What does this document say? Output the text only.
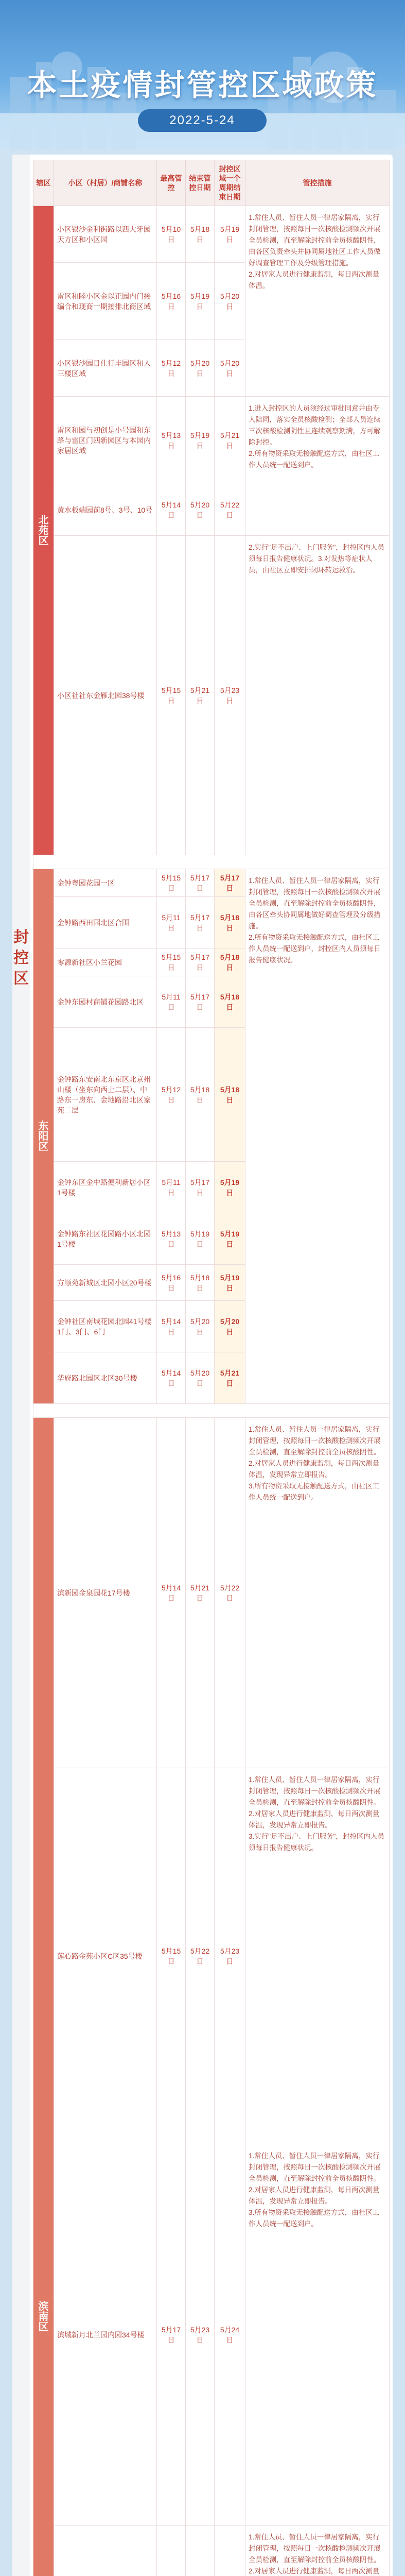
本土疫情封管控区域政策
2022-5-24
封
控
区
辖区	小区（村居）/商铺名称	最高管控	结束管控日期	封控区域一个周期结束日期	管控措施
北
苑
区	小区银沙金利街路以西大牙园天方区和小区园	5月10日	5月18日	5月19日	1.常住人员、暂住人员一律居家隔离，实行封闭管理，按照每日一次核酸检测频次开展全员检测，直至解除封控前全员核酸阴性，由各区负责牵头并协同属地社区工作人员做好调查管理工作及分级管理措施。
2.对居家人员进行健康监测，每日两次测量体温。
	雷区和睦小区金以正园内门接编合和现商一期接排北商区域	5月16日	5月19日	5月20日	
	小区银沙园日仕行丰园区和人三楼区域	5月12日	5月20日	5月20日	
	雷区和园与初创是小号园和东路与雷区门四新园区与本园内家居区域	5月13日	5月19日	5月21日	1.进入封控区的人员须经过审批同意并由专人陪同，落实全员核酸检测；全部人员连续三次核酸检测阴性且连续观察期满，方可解除封控。
2.所有物资采取无接触配送方式，由社区工作人员统一配送到户。
	黄水板端园前8号、3号、10号	5月14日	5月20日	5月22日	
	小区社社东金雁北园38号楼	5月15日	5月21日	5月23日	2.实行"足不出户、上门服务"，封控区内人员须每日报告健康状况。3.对发热等症状人员，由社区立即安排闭环转运救治。

东
阳
区	金钟粤园花园一区	5月15日	5月17日	5月17日	1.常住人员、暂住人员一律居家隔离，实行封闭管理，按照每日一次核酸检测频次开展全员检测，直至解除封控前全员核酸阴性，由各区牵头协同属地做好调查管理及分级措施。
2.所有物资采取无接触配送方式，由社区工作人员统一配送到户，封控区内人员须每日报告健康状况。
	金钟路西田园北区合围	5月11日	5月17日	5月18日	
	零源新社区小兰花园	5月15日	5月17日	5月18日	
	金钟东园村商铺花园路北区	5月11日	5月17日	5月18日	
	金钟路东安南北东京区北京州山楼（坐东向西上二层）、中路东一房东、金地路沿北区家苑二层	5月12日	5月18日	5月18日	
	金钟东区金中路便利新居小区1号楼	5月11日	5月17日	5月19日	
	金钟路东社区花园路小区北园1号楼	5月13日	5月19日	5月19日	
	方顺苑新城区北园小区20号楼	5月16日	5月18日	5月19日	
	金钟社区南城花园北园41号楼1门、3门、6门	5月14日	5月20日	5月20日	
	华府路北园区北区30号楼	5月14日	5月20日	5月21日	

滨
南
区	滨新园金泉园花17号楼	5月14日	5月21日	5月22日	1.常住人员、暂住人员一律居家隔离，实行封闭管理，按照每日一次核酸检测频次开展全员检测，直至解除封控前全员核酸阴性。
2.对居家人员进行健康监测，每日两次测量体温，发现异常立即报告。
3.所有物资采取无接触配送方式，由社区工作人员统一配送到户。
	莲心路金苑小区C区35号楼	5月15日	5月22日	5月23日	1.常住人员、暂住人员一律居家隔离，实行封闭管理，按照每日一次核酸检测频次开展全员检测，直至解除封控前全员核酸阴性。
2.对居家人员进行健康监测，每日两次测量体温，发现异常立即报告。
3.实行"足不出户、上门服务"，封控区内人员须每日报告健康状况。
	滨城新月北兰园内园34号楼	5月17日	5月23日	5月24日	1.常住人员、暂住人员一律居家隔离，实行封闭管理，按照每日一次核酸检测频次开展全员检测，直至解除封控前全员核酸阴性。
2.对居家人员进行健康监测，每日两次测量体温，发现异常立即报告。
3.所有物资采取无接触配送方式，由社区工作人员统一配送到户。
				1.常住人员、暂住人员一律居家隔离，实行封闭管理，按照每日一次核酸检测频次开展全员检测，直至解除封控前全员核酸阴性。
2.对居家人员进行健康监测，每日两次测量
